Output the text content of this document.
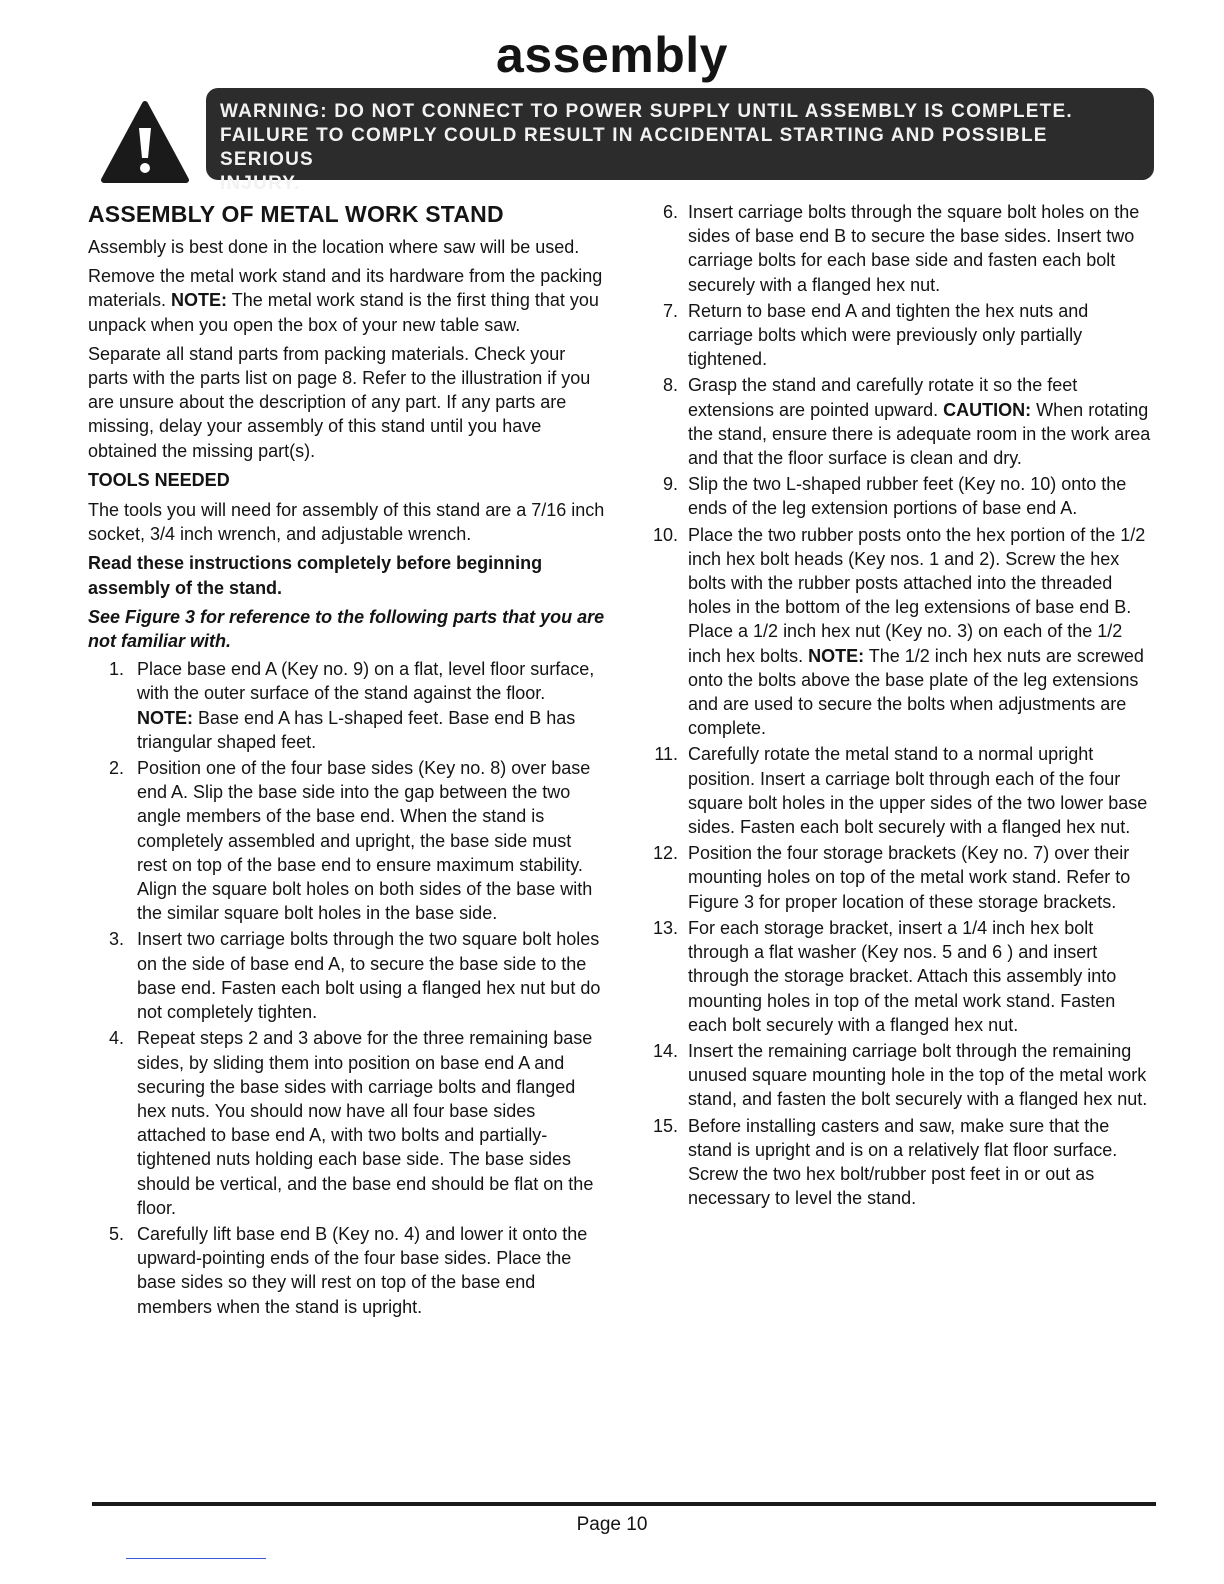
assembly
WARNING: DO NOT CONNECT TO POWER SUPPLY UNTIL ASSEMBLY IS COMPLETE.
FAILURE TO COMPLY COULD RESULT IN ACCIDENTAL STARTING AND POSSIBLE SERIOUS
INJURY.
ASSEMBLY OF METAL WORK STAND

Assembly is best done in the location where saw will be used.

Remove the metal work stand and its hardware from the packing materials. NOTE: The metal work stand is the first thing that you unpack when you open the box of your new table saw.

Separate all stand parts from packing materials. Check your parts with the parts list on page 8. Refer to the illustration if you are unsure about the description of any part. If any parts are missing, delay your assembly of this stand until you have obtained the missing part(s).

TOOLS NEEDED

The tools you will need for assembly of this stand are a 7/16 inch socket, 3/4 inch wrench, and adjustable wrench.

Read these instructions completely before beginning assembly of the stand.
See Figure 3 for reference to the following parts that you are not familiar with.
1. Place base end A (Key no. 9) on a flat, level floor surface, with the outer surface of the stand against the floor. NOTE: Base end A has L-shaped feet. Base end B has triangular shaped feet.
2. Position one of the four base sides (Key no. 8) over base end A. Slip the base side into the gap between the two angle members of the base end. When the stand is completely assembled and upright, the base side must rest on top of the base end to ensure maximum stability. Align the square bolt holes on both sides of the base with the similar square bolt holes in the base side.
3. Insert two carriage bolts through the two square bolt holes on the side of base end A, to secure the base side to the base end. Fasten each bolt using a flanged hex nut but do not completely tighten.
4. Repeat steps 2 and 3 above for the three remaining base sides, by sliding them into position on base end A and securing the base sides with carriage bolts and flanged hex nuts. You should now have all four base sides attached to base end A, with two bolts and partially-tightened nuts holding each base side. The base sides should be vertical, and the base end should be flat on the floor.
5. Carefully lift base end B (Key no. 4) and lower it onto the upward-pointing ends of the four base sides. Place the base sides so they will rest on top of the base end members when the stand is upright.
6. Insert carriage bolts through the square bolt holes on the sides of base end B to secure the base sides. Insert two carriage bolts for each base side and fasten each bolt securely with a flanged hex nut.
7. Return to base end A and tighten the hex nuts and carriage bolts which were previously only partially tightened.
8. Grasp the stand and carefully rotate it so the feet extensions are pointed upward. CAUTION: When rotating the stand, ensure there is adequate room in the work area and that the floor surface is clean and dry.
9. Slip the two L-shaped rubber feet (Key no. 10) onto the ends of the leg extension portions of base end A.
10. Place the two rubber posts onto the hex portion of the 1/2 inch hex bolt heads (Key nos. 1 and 2). Screw the hex bolts with the rubber posts attached into the threaded holes in the bottom of the leg extensions of base end B. Place a 1/2 inch hex nut (Key no. 3) on each of the 1/2 inch hex bolts. NOTE: The 1/2 inch hex nuts are screwed onto the bolts above the base plate of the leg extensions and are used to secure the bolts when adjustments are complete.
11. Carefully rotate the metal stand to a normal upright position. Insert a carriage bolt through each of the four square bolt holes in the upper sides of the two lower base sides. Fasten each bolt securely with a flanged hex nut.
12. Position the four storage brackets (Key no. 7) over their mounting holes on top of the metal work stand. Refer to Figure 3 for proper location of these storage brackets.
13. For each storage bracket, insert a 1/4 inch hex bolt through a flat washer (Key nos. 5 and 6 ) and insert through the storage bracket. Attach this assembly into mounting holes in top of the metal work stand. Fasten each bolt securely with a flanged hex nut.
14. Insert the remaining carriage bolt through the remaining unused square mounting hole in the top of the metal work stand, and fasten the bolt securely with a flanged hex nut.
15. Before installing casters and saw, make sure that the stand is upright and is on a relatively flat floor surface. Screw the two hex bolt/rubber post feet in or out as necessary to level the stand.
Page 10
